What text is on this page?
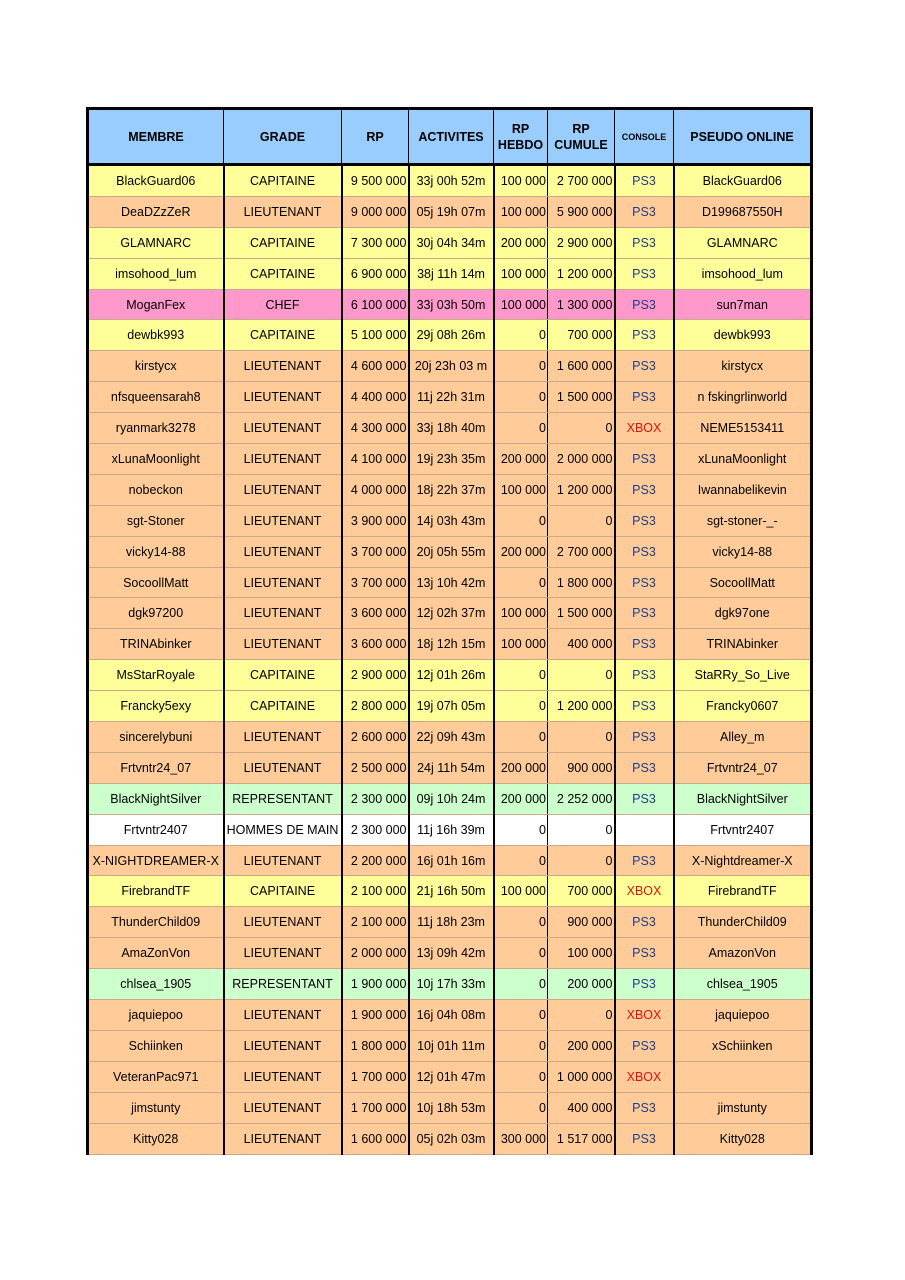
MEMBRE	GRADE	RP	ACTIVITES	RP HEBDO	RP CUMULE	CONSOLE	PSEUDO ONLINE
BlackGuard06	CAPITAINE	9 500 000	33j 00h 52m	100 000	2 700 000	PS3	BlackGuard06
DeaDZzZeR	LIEUTENANT	9 000 000	05j 19h 07m	100 000	5 900 000	PS3	D199687550H
GLAMNARC	CAPITAINE	7 300 000	30j 04h 34m	200 000	2 900 000	PS3	GLAMNARC
imsohood_lum	CAPITAINE	6 900 000	38j 11h 14m	100 000	1 200 000	PS3	imsohood_lum
MoganFex	CHEF	6 100 000	33j 03h 50m	100 000	1 300 000	PS3	sun7man
dewbk993	CAPITAINE	5 100 000	29j 08h 26m	0	700 000	PS3	dewbk993
kirstycx	LIEUTENANT	4 600 000	20j 23h 03 m	0	1 600 000	PS3	kirstycx
nfsqueensarah8	LIEUTENANT	4 400 000	11j 22h 31m	0	1 500 000	PS3	n fskingrlinworld
ryanmark3278	LIEUTENANT	4 300 000	33j 18h 40m	0	0	XBOX	NEME5153411
xLunaMoonlight	LIEUTENANT	4 100 000	19j 23h 35m	200 000	2 000 000	PS3	xLunaMoonlight
nobeckon	LIEUTENANT	4 000 000	18j 22h 37m	100 000	1 200 000	PS3	Iwannabelikevin
sgt-Stoner	LIEUTENANT	3 900 000	14j 03h 43m	0	0	PS3	sgt-stoner-_-
vicky14-88	LIEUTENANT	3 700 000	20j 05h 55m	200 000	2 700 000	PS3	vicky14-88
SocoollMatt	LIEUTENANT	3 700 000	13j 10h 42m	0	1 800 000	PS3	SocoollMatt
dgk97200	LIEUTENANT	3 600 000	12j 02h 37m	100 000	1 500 000	PS3	dgk97one
TRINAbinker	LIEUTENANT	3 600 000	18j 12h 15m	100 000	400 000	PS3	TRINAbinker
MsStarRoyale	CAPITAINE	2 900 000	12j 01h 26m	0	0	PS3	StaRRy_So_Live
Francky5exy	CAPITAINE	2 800 000	19j 07h 05m	0	1 200 000	PS3	Francky0607
sincerelybuni	LIEUTENANT	2 600 000	22j 09h 43m	0	0	PS3	Alley_m
Frtvntr24_07	LIEUTENANT	2 500 000	24j 11h 54m	200 000	900 000	PS3	Frtvntr24_07
BlackNightSilver	REPRESENTANT	2 300 000	09j 10h 24m	200 000	2 252 000	PS3	BlackNightSilver
Frtvntr2407	HOMMES DE MAIN	2 300 000	11j 16h 39m	0	0		Frtvntr2407
X-NIGHTDREAMER-X	LIEUTENANT	2 200 000	16j 01h 16m	0	0	PS3	X-Nightdreamer-X
FirebrandTF	CAPITAINE	2 100 000	21j 16h 50m	100 000	700 000	XBOX	FirebrandTF
ThunderChild09	LIEUTENANT	2 100 000	11j 18h 23m	0	900 000	PS3	ThunderChild09
AmaZonVon	LIEUTENANT	2 000 000	13j 09h 42m	0	100 000	PS3	AmazonVon
chlsea_1905	REPRESENTANT	1 900 000	10j 17h 33m	0	200 000	PS3	chlsea_1905
jaquiepoo	LIEUTENANT	1 900 000	16j 04h 08m	0	0	XBOX	jaquiepoo
Schiinken	LIEUTENANT	1 800 000	10j 01h 11m	0	200 000	PS3	xSchiinken
VeteranPac971	LIEUTENANT	1 700 000	12j 01h 47m	0	1 000 000	XBOX	
jimstunty	LIEUTENANT	1 700 000	10j 18h 53m	0	400 000	PS3	jimstunty
Kitty028	LIEUTENANT	1 600 000	05j 02h 03m	300 000	1 517 000	PS3	Kitty028
